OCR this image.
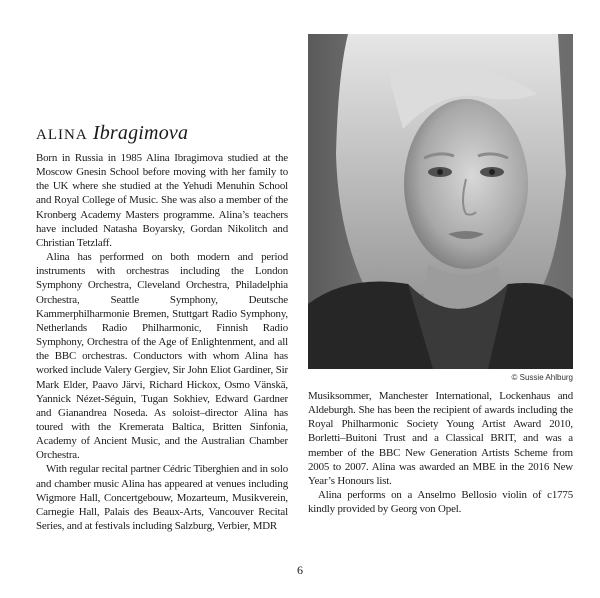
ALINA Ibragimova

Born in Russia in 1985 Alina Ibragimova studied at the Moscow Gnesin School before moving with her family to the UK where she studied at the Yehudi Menuhin School and Royal College of Music. She was also a member of the Kronberg Academy Masters programme. Alina’s teachers have included Natasha Boyarsky, Gordan Nikolitch and Christian Tetzlaff.

Alina has performed on both modern and period instruments with orchestras including the London Symphony Orchestra, Cleveland Orchestra, Philadelphia Orchestra, Seattle Symphony, Deutsche Kammerphilharmonie Bremen, Stuttgart Radio Symphony, Netherlands Radio Philharmonic, Finnish Radio Symphony, Orchestra of the Age of Enlightenment, and all the BBC orchestras. Conductors with whom Alina has worked include Valery Gergiev, Sir John Eliot Gardiner, Sir Mark Elder, Paavo Järvi, Richard Hickox, Osmo Vänskä, Yannick Nézet-Séguin, Tugan Sokhiev, Edward Gardner and Gianandrea Noseda. As soloist–director Alina has toured with the Kremerata Baltica, Britten Sinfonia, Academy of Ancient Music, and the Australian Chamber Orchestra.

With regular recital partner Cédric Tiberghien and in solo and chamber music Alina has appeared at venues including Wigmore Hall, Concertgebouw, Mozarteum, Musikverein, Carnegie Hall, Palais des Beaux-Arts, Vancouver Recital Series, and at festivals including Salzburg, Verbier, MDR

© Sussie Ahlburg

Musiksommer, Manchester International, Lockenhaus and Aldeburgh. She has been the recipient of awards including the Royal Philharmonic Society Young Artist Award 2010, Borletti–Buitoni Trust and a Classical BRIT, and was a member of the BBC New Generation Artists Scheme from 2005 to 2007. Alina was awarded an MBE in the 2016 New Year’s Honours list.

Alina performs on a Anselmo Bellosio violin of c1775 kindly provided by Georg von Opel.

6
